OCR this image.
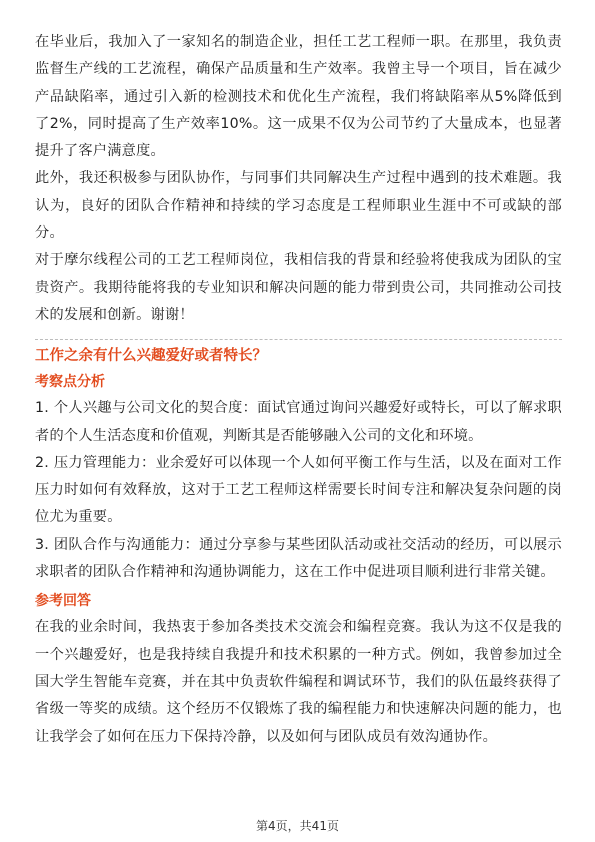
在毕业后，我加入了一家知名的制造企业，担任工艺工程师一职。在那里，我负责监督生产线的工艺流程，确保产品质量和生产效率。我曾主导一个项目，旨在减少产品缺陷率，通过引入新的检测技术和优化生产流程，我们将缺陷率从5%降低到了2%，同时提高了生产效率10%。这一成果不仅为公司节约了大量成本，也显著提升了客户满意度。

此外，我还积极参与团队协作，与同事们共同解决生产过程中遇到的技术难题。我认为，良好的团队合作精神和持续的学习态度是工程师职业生涯中不可或缺的部分。

对于摩尔线程公司的工艺工程师岗位，我相信我的背景和经验将使我成为团队的宝贵资产。我期待能将我的专业知识和解决问题的能力带到贵公司，共同推动公司技术的发展和创新。谢谢！

工作之余有什么兴趣爱好或者特长？

考察点分析

1. 个人兴趣与公司文化的契合度：面试官通过询问兴趣爱好或特长，可以了解求职者的个人生活态度和价值观，判断其是否能够融入公司的文化和环境。

2. 压力管理能力：业余爱好可以体现一个人如何平衡工作与生活，以及在面对工作压力时如何有效释放，这对于工艺工程师这样需要长时间专注和解决复杂问题的岗位尤为重要。

3. 团队合作与沟通能力：通过分享参与某些团队活动或社交活动的经历，可以展示求职者的团队合作精神和沟通协调能力，这在工作中促进项目顺利进行非常关键。

参考回答

在我的业余时间，我热衷于参加各类技术交流会和编程竞赛。我认为这不仅是我的一个兴趣爱好，也是我持续自我提升和技术积累的一种方式。例如，我曾参加过全国大学生智能车竞赛，并在其中负责软件编程和调试环节，我们的队伍最终获得了省级一等奖的成绩。这个经历不仅锻炼了我的编程能力和快速解决问题的能力，也让我学会了如何在压力下保持冷静，以及如何与团队成员有效沟通协作。

第4页，共41页
